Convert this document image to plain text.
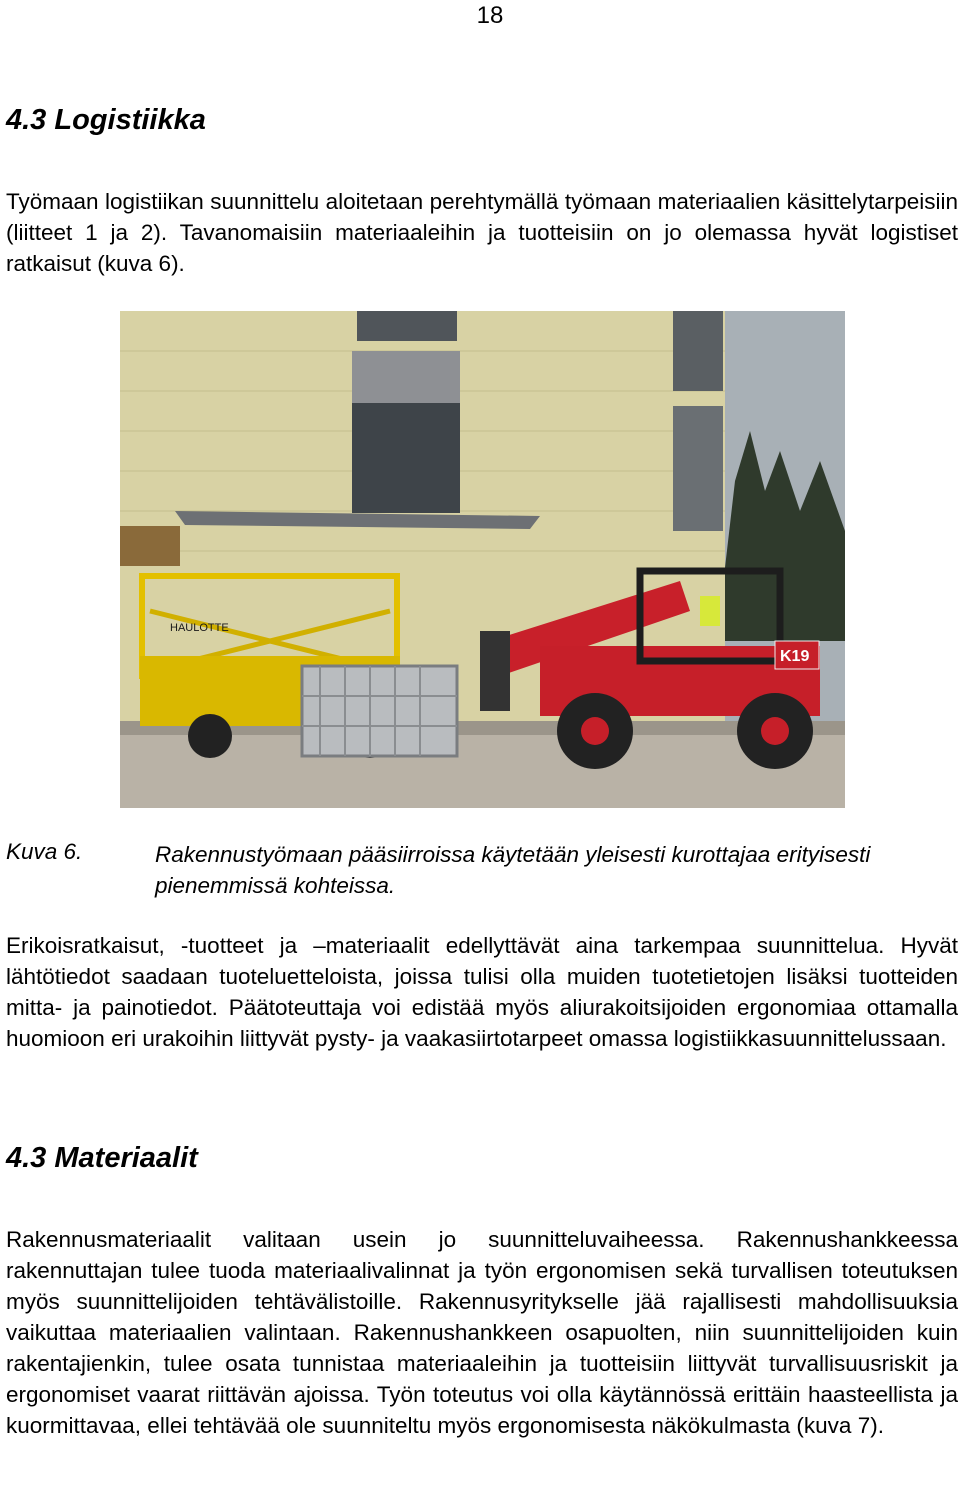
18
4.3 Logistiikka

Työmaan logistiikan suunnittelu aloitetaan perehtymällä työmaan materiaalien käsittelytarpeisiin (liitteet 1 ja 2). Tavanomaisiin materiaaleihin ja tuotteisiin on jo olemassa hyvät logistiset ratkaisut (kuva 6).

HAULOTTE
K19
Kuva 6.	Rakennustyömaan pääsiirroissa käytetään yleisesti kurottajaa erityisesti pienemmissä kohteissa.

Erikoisratkaisut, -tuotteet ja –materiaalit edellyttävät aina tarkempaa suunnittelua. Hyvät lähtötiedot saadaan tuoteluetteloista, joissa tulisi olla muiden tuotetietojen lisäksi tuotteiden mitta- ja painotiedot. Päätoteuttaja voi edistää myös aliurakoitsijoiden ergonomiaa ottamalla huomioon eri urakoihin liittyvät pysty- ja vaakasiirtotarpeet omassa logistiikkasuunnittelussaan.

4.3 Materiaalit

Rakennusmateriaalit valitaan usein jo suunnitteluvaiheessa. Rakennushankkeessa rakennuttajan tulee tuoda materiaalivalinnat ja työn ergonomisen sekä turvallisen toteutuksen myös suunnittelijoiden tehtävälistoille. Rakennusyritykselle jää rajallisesti mahdollisuuksia vaikuttaa materiaalien valintaan. Rakennushankkeen osapuolten, niin suunnittelijoiden kuin rakentajienkin, tulee osata tunnistaa materiaaleihin ja tuotteisiin liittyvät turvallisuusriskit ja ergonomiset vaarat riittävän ajoissa. Työn toteutus voi olla käytännössä erittäin haasteellista ja kuormittavaa, ellei tehtävää ole suunniteltu myös ergonomisesta näkökulmasta (kuva 7).
